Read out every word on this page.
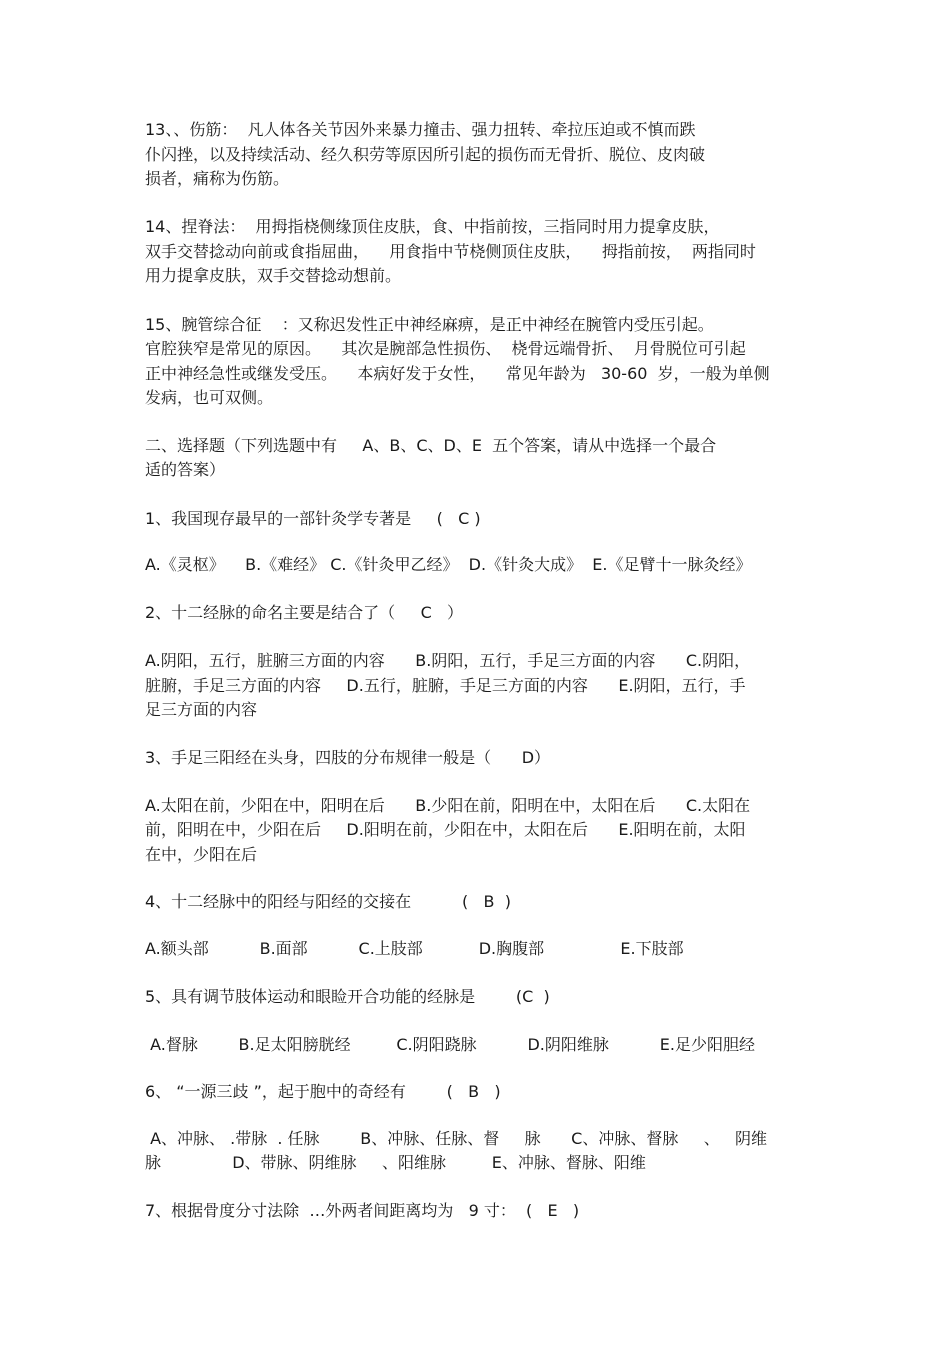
13、、伤筋：  凡人体各关节因外来暴力撞击、强力扭转、牵拉压迫或不慎而跌
仆闪挫，以及持续活动、经久积劳等原因所引起的损伤而无骨折、脱位、皮肉破
损者，痛称为伤筋。
14、捏脊法：  用拇指桡侧缘顶住皮肤，食、中指前按，三指同时用力提拿皮肤，
双手交替捻动向前或食指屈曲，    用食指中节桡侧顶住皮肤，    拇指前按，  两指同时
用力提拿皮肤，双手交替捻动想前。
15、腕管综合征    ：又称迟发性正中神经麻痹，是正中神经在腕管内受压引起。
官腔狭窄是常见的原因。    其次是腕部急性损伤、  桡骨远端骨折、  月骨脱位可引起
正中神经急性或继发受压。    本病好发于女性，    常见年龄为   30-60  岁，一般为单侧
发病，也可双侧。
二、选择题（下列选题中有     A、B、C、D、E  五个答案，请从中选择一个最合
适的答案）
1、我国现存最早的一部针灸学专著是     (   C )
A.《灵枢》    B.《难经》 C.《针灸甲乙经》  D.《针灸大成》  E.《足臂十一脉灸经》
2、十二经脉的命名主要是结合了（     C   ）
A.阴阳，五行，脏腑三方面的内容      B.阴阳，五行，手足三方面的内容      C.阴阳，
脏腑，手足三方面的内容     D.五行，脏腑，手足三方面的内容      E.阴阳，五行，手
足三方面的内容
3、手足三阳经在头身，四肢的分布规律一般是（      D）
A.太阳在前，少阳在中，阳明在后      B.少阳在前，阳明在中，太阳在后      C.太阳在
前，阳明在中，少阳在后     D.阳明在前，少阳在中，太阳在后      E.阳明在前，太阳
在中，少阳在后
4、十二经脉中的阳经与阳经的交接在          (   B  )
A.额头部          B.面部          C.上肢部           D.胸腹部               E.下肢部
5、具有调节肢体运动和眼睑开合功能的经脉是        (C  )
A.督脉        B.足太阳膀胱经         C.阴阳跷脉          D.阴阳维脉          E.足少阳胆经
6、 “一源三歧 ”，起于胞中的奇经有        (   B   )
A、冲脉、 .带脉  . 任脉        B、冲脉、任脉、督     脉      C、冲脉、督脉     、   阴维
脉              D、带脉、阴维脉     、阳维脉         E、冲脉、督脉、阳维
7、根据骨度分寸法除  …外两者间距离均为   9 寸：  (   E   )
